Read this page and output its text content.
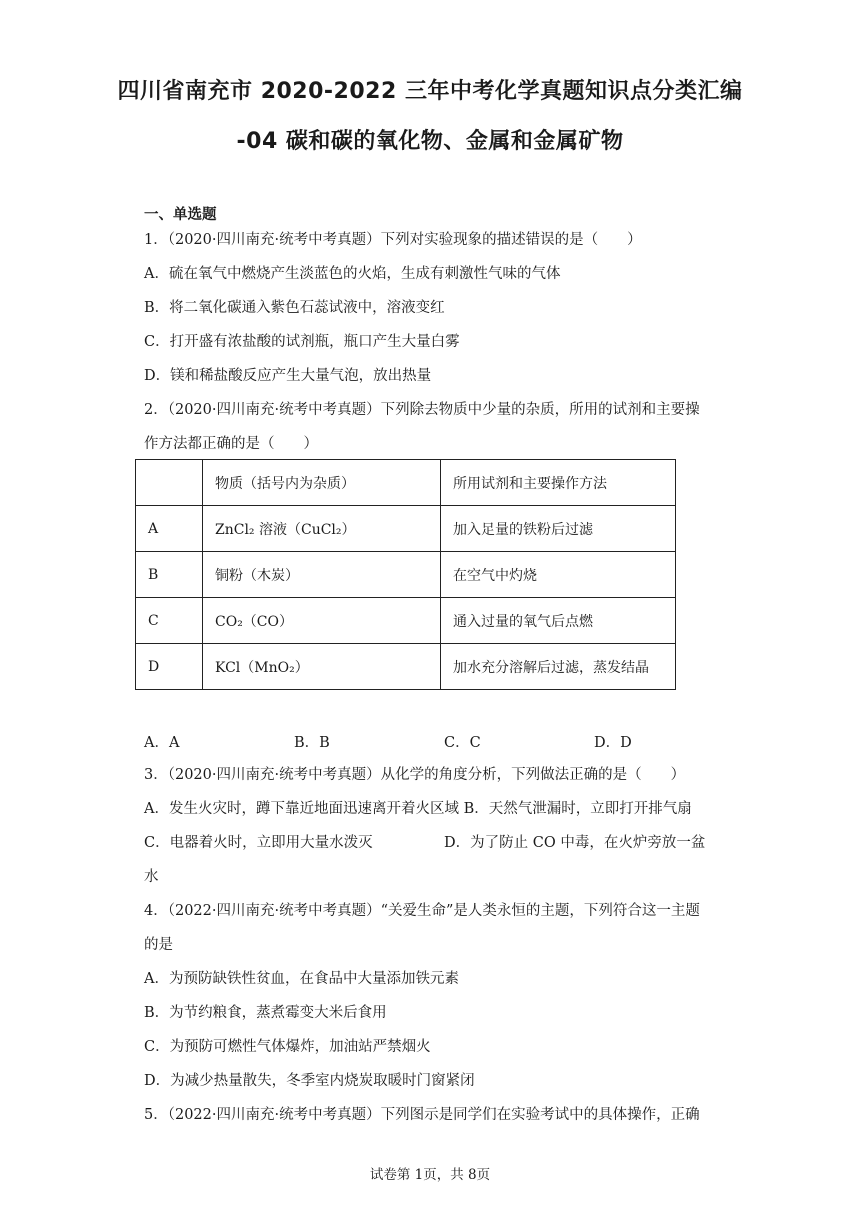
四川省南充市 2020-2022 三年中考化学真题知识点分类汇编
-04 碳和碳的氧化物、金属和金属矿物
一、单选题
1．（2020·四川南充·统考中考真题）下列对实验现象的描述错误的是（　　）
A．硫在氧气中燃烧产生淡蓝色的火焰，生成有刺激性气味的气体
B．将二氧化碳通入紫色石蕊试液中，溶液变红
C．打开盛有浓盐酸的试剂瓶，瓶口产生大量白雾
D．镁和稀盐酸反应产生大量气泡，放出热量
2．（2020·四川南充·统考中考真题）下列除去物质中少量的杂质，所用的试剂和主要操
作方法都正确的是（　　）
	物质（括号内为杂质）	所用试剂和主要操作方法
A	ZnCl₂ 溶液（CuCl₂）	加入足量的铁粉后过滤
B	铜粉（木炭）	在空气中灼烧
C	CO₂（CO）	通入过量的氧气后点燃
D	KCl（MnO₂）	加水充分溶解后过滤，蒸发结晶
A．A	B．B	C．C	D．D
3．（2020·四川南充·统考中考真题）从化学的角度分析，下列做法正确的是（　　）
A．发生火灾时，蹲下靠近地面迅速离开着火区域 B．天然气泄漏时，立即打开排气扇
C．电器着火时，立即用大量水泼灭	D．为了防止 CO 中毒，在火炉旁放一盆
水
4．（2022·四川南充·统考中考真题）“关爱生命”是人类永恒的主题，下列符合这一主题
的是
A．为预防缺铁性贫血，在食品中大量添加铁元素
B．为节约粮食，蒸煮霉变大米后食用
C．为预防可燃性气体爆炸，加油站严禁烟火
D．为减少热量散失，冬季室内烧炭取暖时门窗紧闭
5．（2022·四川南充·统考中考真题）下列图示是同学们在实验考试中的具体操作，正确
试卷第 1页，共 8页
